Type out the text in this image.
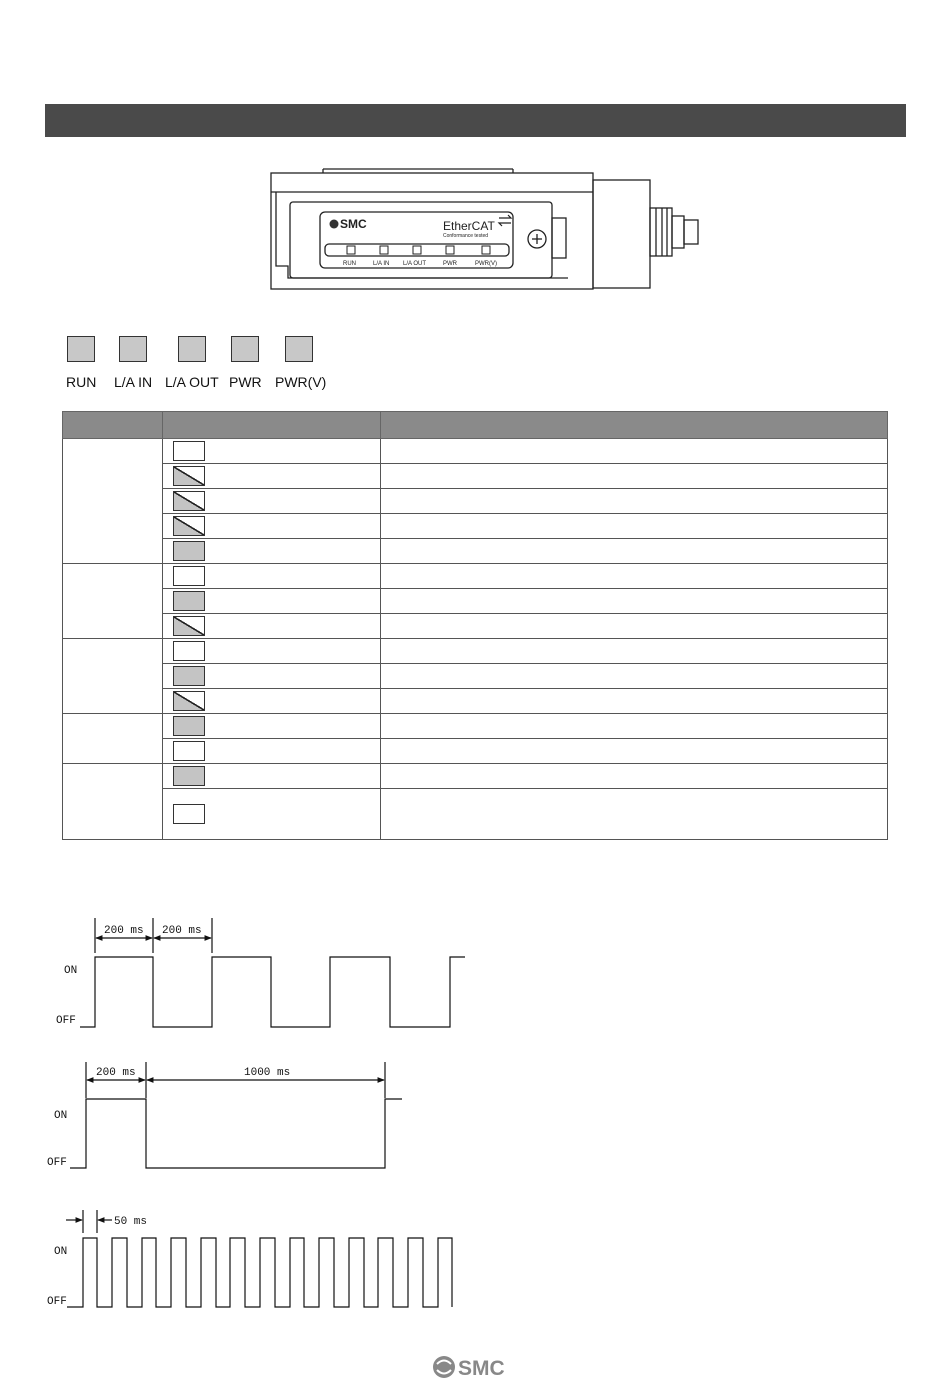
SMC	EtherCAT
Conformance tested
RUN	L/A IN L/A OUT	PWR	PWR(V)
RUN L/A IN L/A OUT PWR PWR(V)

200 ms 200 ms
ON
OFF
200 ms	1000 ms
ON
OFF
50 ms
ON
OFF
SMC
